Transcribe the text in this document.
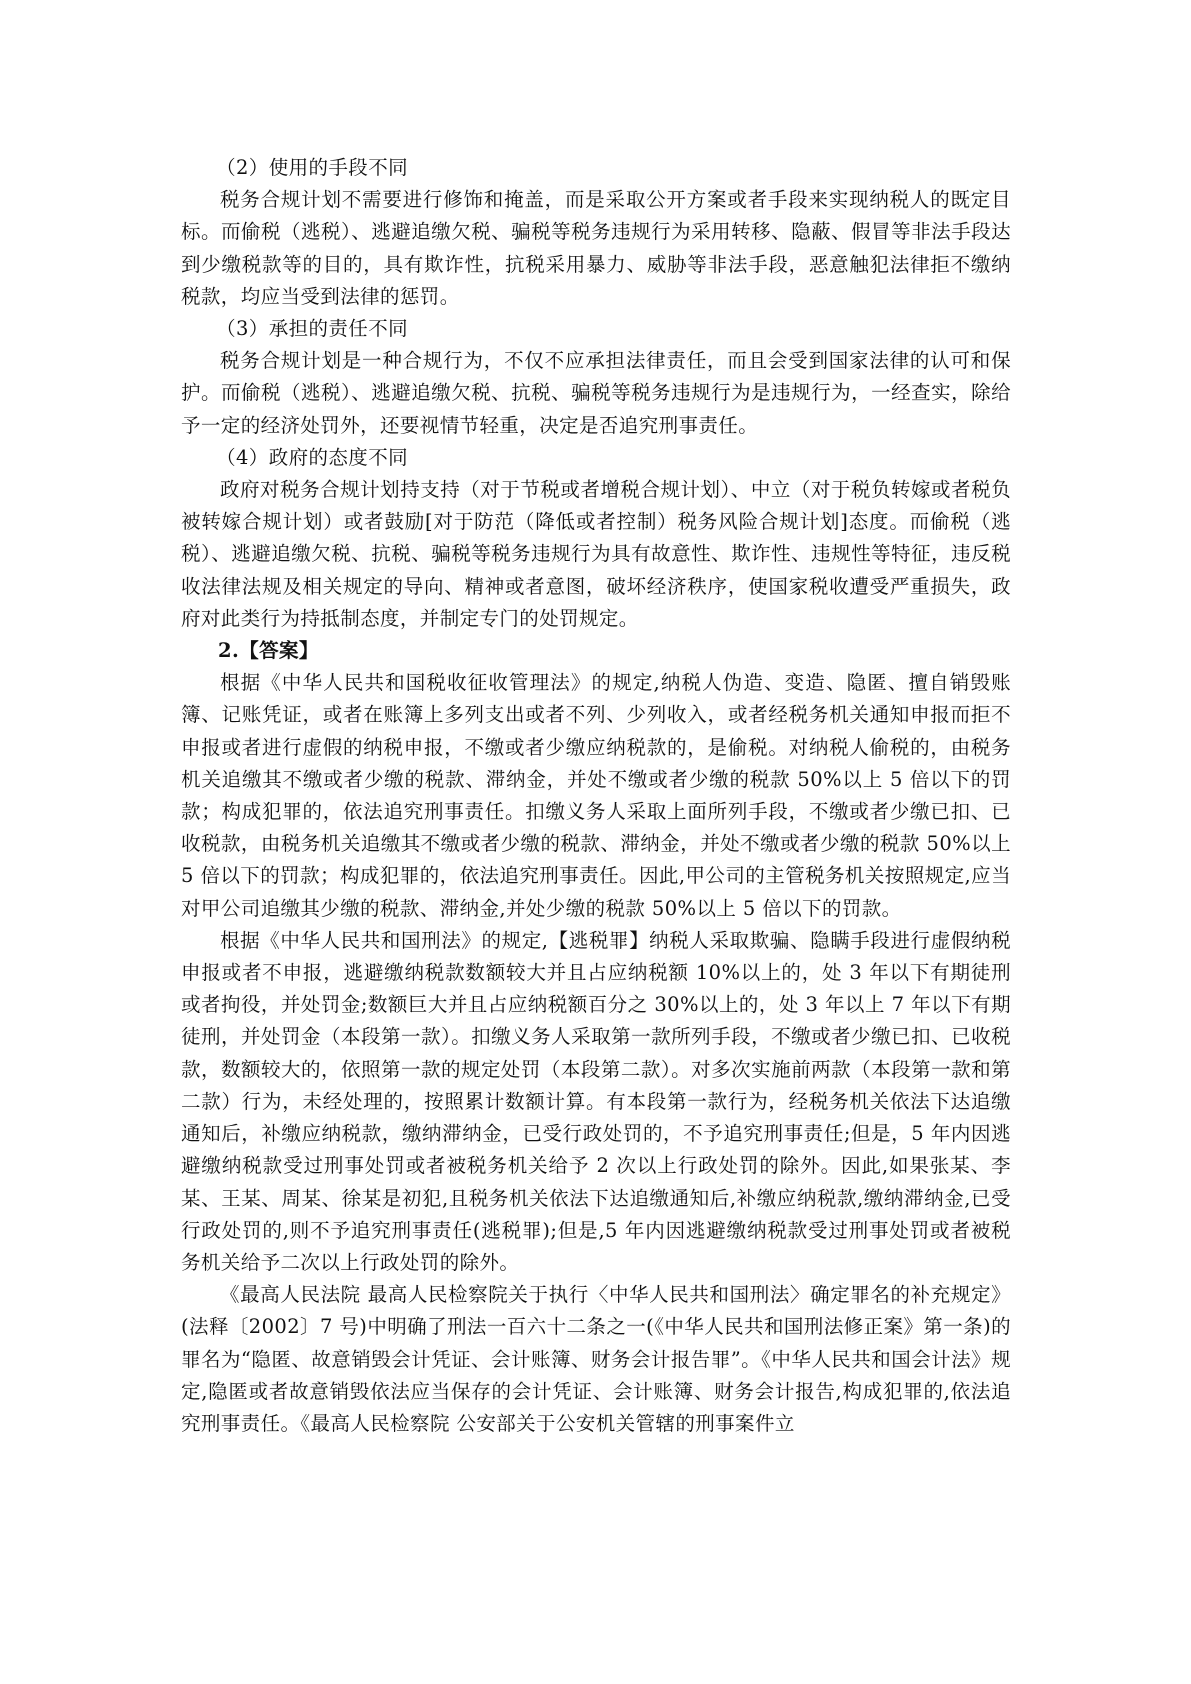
（2）使用的手段不同

税务合规计划不需要进行修饰和掩盖，而是采取公开方案或者手段来实现纳税人的既定目标。而偷税（逃税）、逃避追缴欠税、骗税等税务违规行为采用转移、隐蔽、假冒等非法手段达到少缴税款等的目的，具有欺诈性，抗税采用暴力、威胁等非法手段，恶意触犯法律拒不缴纳税款，均应当受到法律的惩罚。

（3）承担的责任不同

税务合规计划是一种合规行为，不仅不应承担法律责任，而且会受到国家法律的认可和保护。而偷税（逃税）、逃避追缴欠税、抗税、骗税等税务违规行为是违规行为，一经查实，除给予一定的经济处罚外，还要视情节轻重，决定是否追究刑事责任。

（4）政府的态度不同

政府对税务合规计划持支持（对于节税或者增税合规计划）、中立（对于税负转嫁或者税负被转嫁合规计划）或者鼓励[对于防范（降低或者控制）税务风险合规计划]态度。而偷税（逃税）、逃避追缴欠税、抗税、骗税等税务违规行为具有故意性、欺诈性、违规性等特征，违反税收法律法规及相关规定的导向、精神或者意图，破坏经济秩序，使国家税收遭受严重损失，政府对此类行为持抵制态度，并制定专门的处罚规定。

2.【答案】

根据《中华人民共和国税收征收管理法》的规定,纳税人伪造、变造、隐匿、擅自销毁账簿、记账凭证，或者在账簿上多列支出或者不列、少列收入，或者经税务机关通知申报而拒不申报或者进行虚假的纳税申报，不缴或者少缴应纳税款的，是偷税。对纳税人偷税的，由税务机关追缴其不缴或者少缴的税款、滞纳金，并处不缴或者少缴的税款 50%以上 5 倍以下的罚款；构成犯罪的，依法追究刑事责任。扣缴义务人采取上面所列手段，不缴或者少缴已扣、已收税款，由税务机关追缴其不缴或者少缴的税款、滞纳金，并处不缴或者少缴的税款 50%以上 5 倍以下的罚款；构成犯罪的，依法追究刑事责任。因此,甲公司的主管税务机关按照规定,应当对甲公司追缴其少缴的税款、滞纳金,并处少缴的税款 50%以上 5 倍以下的罚款。

根据《中华人民共和国刑法》的规定,【逃税罪】纳税人采取欺骗、隐瞒手段进行虚假纳税申报或者不申报，逃避缴纳税款数额较大并且占应纳税额 10%以上的，处 3 年以下有期徒刑或者拘役，并处罚金;数额巨大并且占应纳税额百分之 30%以上的，处 3 年以上 7 年以下有期徒刑，并处罚金（本段第一款）。扣缴义务人采取第一款所列手段，不缴或者少缴已扣、已收税款，数额较大的，依照第一款的规定处罚（本段第二款）。对多次实施前两款（本段第一款和第二款）行为，未经处理的，按照累计数额计算。有本段第一款行为，经税务机关依法下达追缴通知后，补缴应纳税款，缴纳滞纳金，已受行政处罚的，不予追究刑事责任;但是，5 年内因逃避缴纳税款受过刑事处罚或者被税务机关给予 2 次以上行政处罚的除外。因此,如果张某、李某、王某、周某、徐某是初犯,且税务机关依法下达追缴通知后,补缴应纳税款,缴纳滞纳金,已受行政处罚的,则不予追究刑事责任(逃税罪);但是,5 年内因逃避缴纳税款受过刑事处罚或者被税务机关给予二次以上行政处罚的除外。

《最高人民法院 最高人民检察院关于执行〈中华人民共和国刑法〉确定罪名的补充规定》(法释〔2002〕7 号)中明确了刑法一百六十二条之一(《中华人民共和国刑法修正案》第一条)的罪名为“隐匿、故意销毁会计凭证、会计账簿、财务会计报告罪”。《中华人民共和国会计法》规定,隐匿或者故意销毁依法应当保存的会计凭证、会计账簿、财务会计报告,构成犯罪的,依法追究刑事责任。《最高人民检察院 公安部关于公安机关管辖的刑事案件立
